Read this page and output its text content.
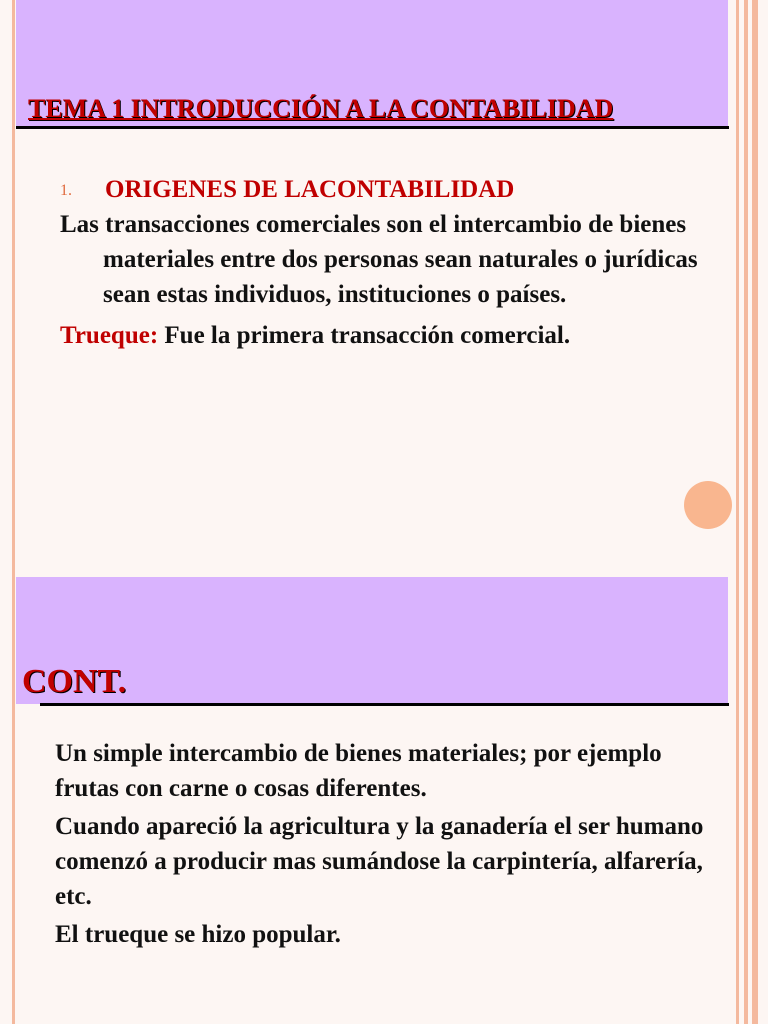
TEMA 1 INTRODUCCIÓN A LA CONTABILIDAD
1. ORIGENES DE LACONTABILIDAD
Las transacciones comerciales son el intercambio de bienes materiales entre dos personas sean naturales o jurídicas sean estas individuos, instituciones o países.
Trueque: Fue la primera transacción comercial.
CONT.
Un simple intercambio de bienes materiales; por ejemplo frutas con carne o cosas diferentes.
Cuando apareció la agricultura y la ganadería el ser humano comenzó a producir mas sumándose la carpintería, alfarería, etc.
El trueque se hizo popular.
